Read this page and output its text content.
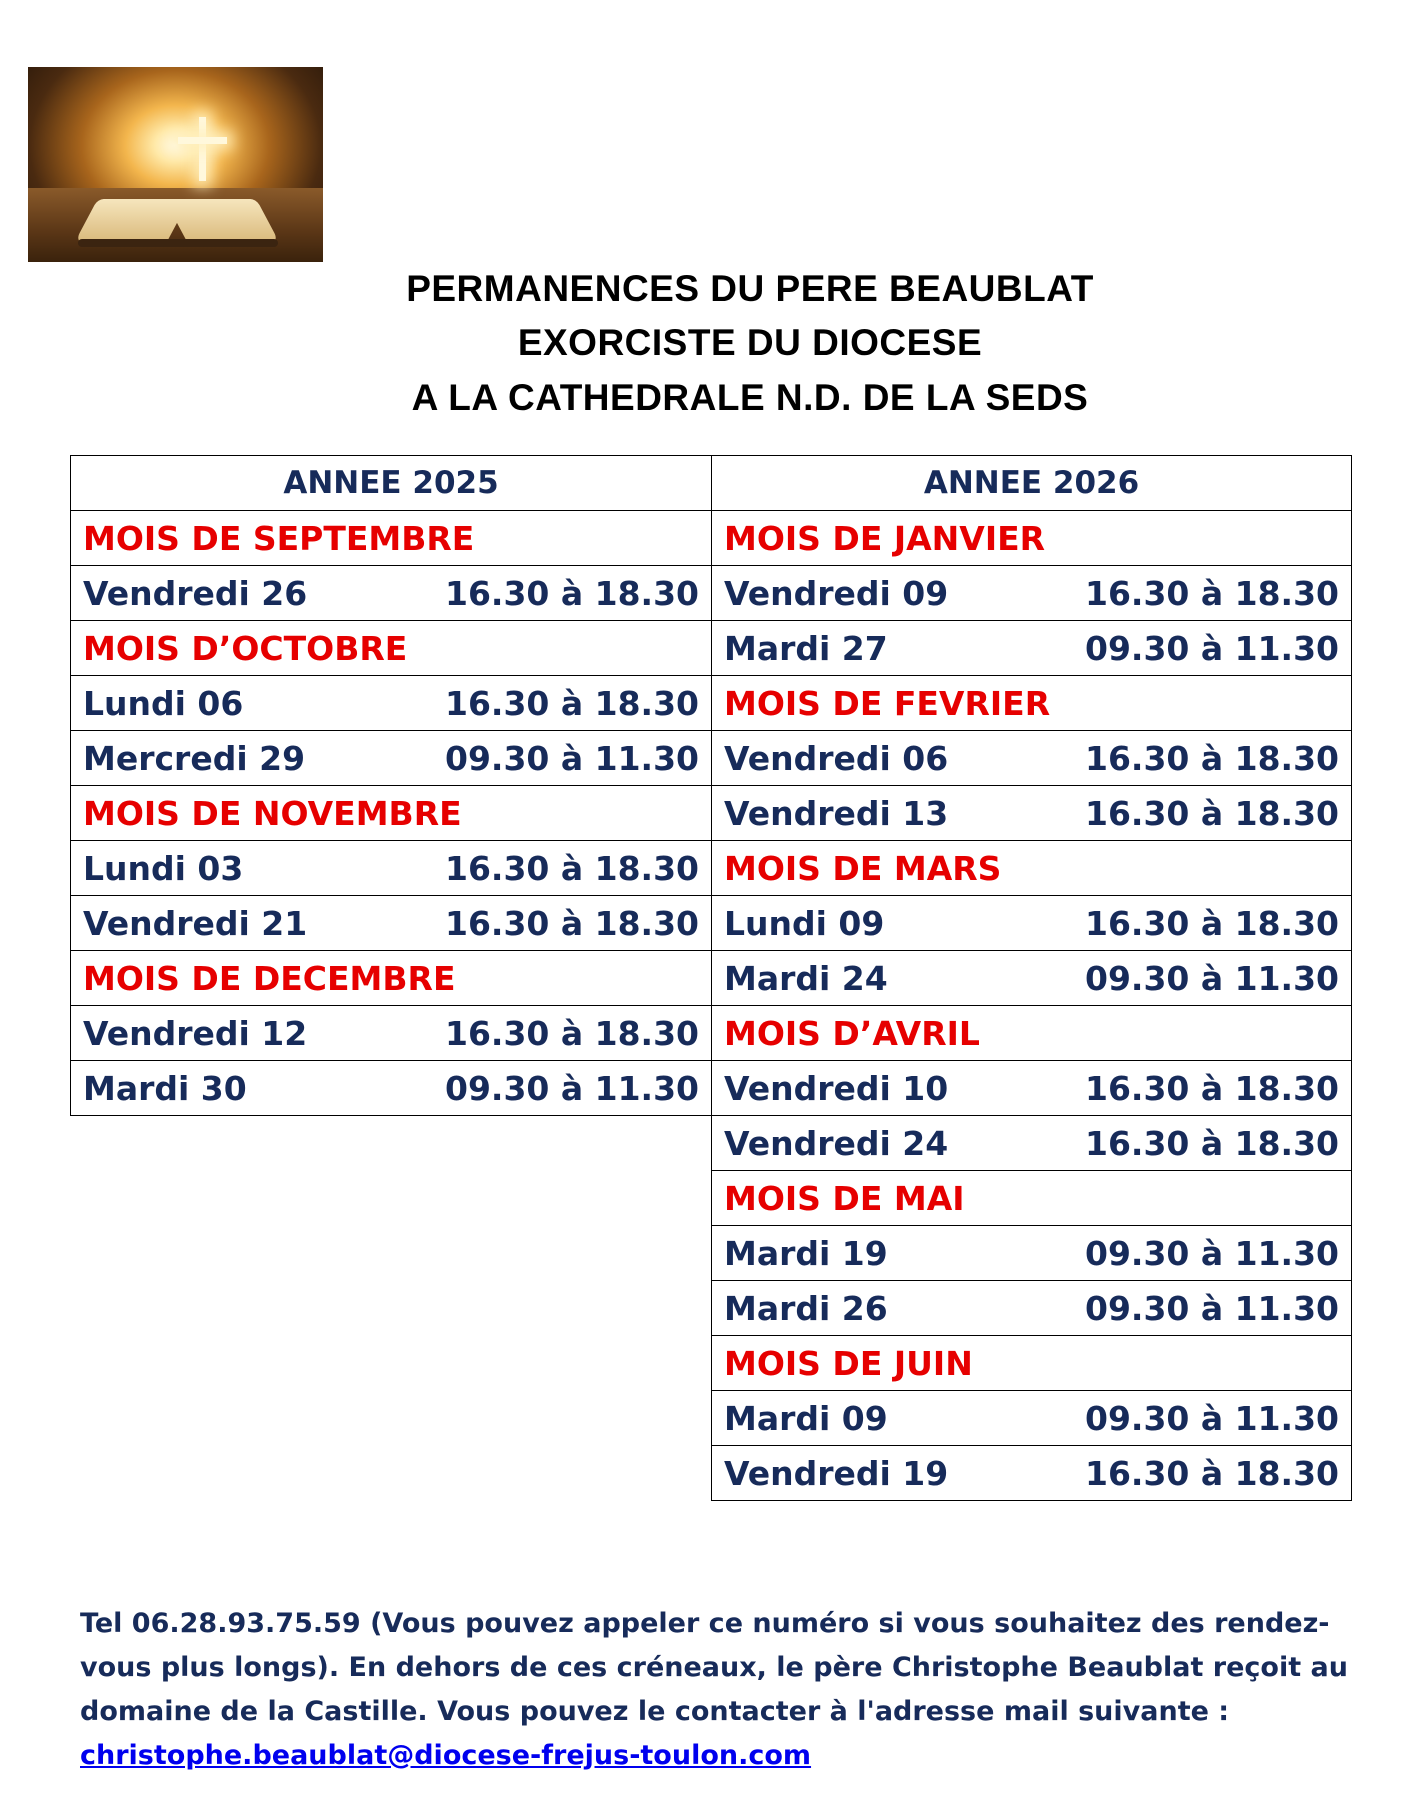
PERMANENCES DU PERE BEAUBLAT
EXORCISTE DU DIOCESE
A LA CATHEDRALE N.D. DE LA SEDS
ANNEE 2025
MOIS DE SEPTEMBRE
Vendredi 26	16.30 à 18.30

MOIS D’OCTOBRE
Lundi 06	16.30 à 18.30

Mercredi 29	09.30 à 11.30

MOIS DE NOVEMBRE
Lundi 03	16.30 à 18.30

Vendredi 21	16.30 à 18.30

MOIS DE DECEMBRE
Vendredi 12	16.30 à 18.30

Mardi 30	09.30 à 11.30
ANNEE 2026
MOIS DE JANVIER
Vendredi 09	16.30 à 18.30

Mardi 27	09.30 à 11.30

MOIS DE FEVRIER
Vendredi 06	16.30 à 18.30

Vendredi 13	16.30 à 18.30

MOIS DE MARS
Lundi 09	16.30 à 18.30

Mardi 24	09.30 à 11.30

MOIS D’AVRIL
Vendredi 10	16.30 à 18.30

Vendredi 24	16.30 à 18.30

MOIS DE MAI
Mardi 19	09.30 à 11.30

Mardi 26	09.30 à 11.30

MOIS DE JUIN
Mardi 09	09.30 à 11.30

Vendredi 19	16.30 à 18.30
Tel 06.28.93.75.59 (Vous pouvez appeler ce numéro si vous souhaitez des rendez-vous plus longs). En dehors de ces créneaux, le père Christophe Beaublat reçoit au domaine de la Castille. Vous pouvez le contacter à l'adresse mail suivante : christophe.beaublat@diocese-frejus-toulon.com
